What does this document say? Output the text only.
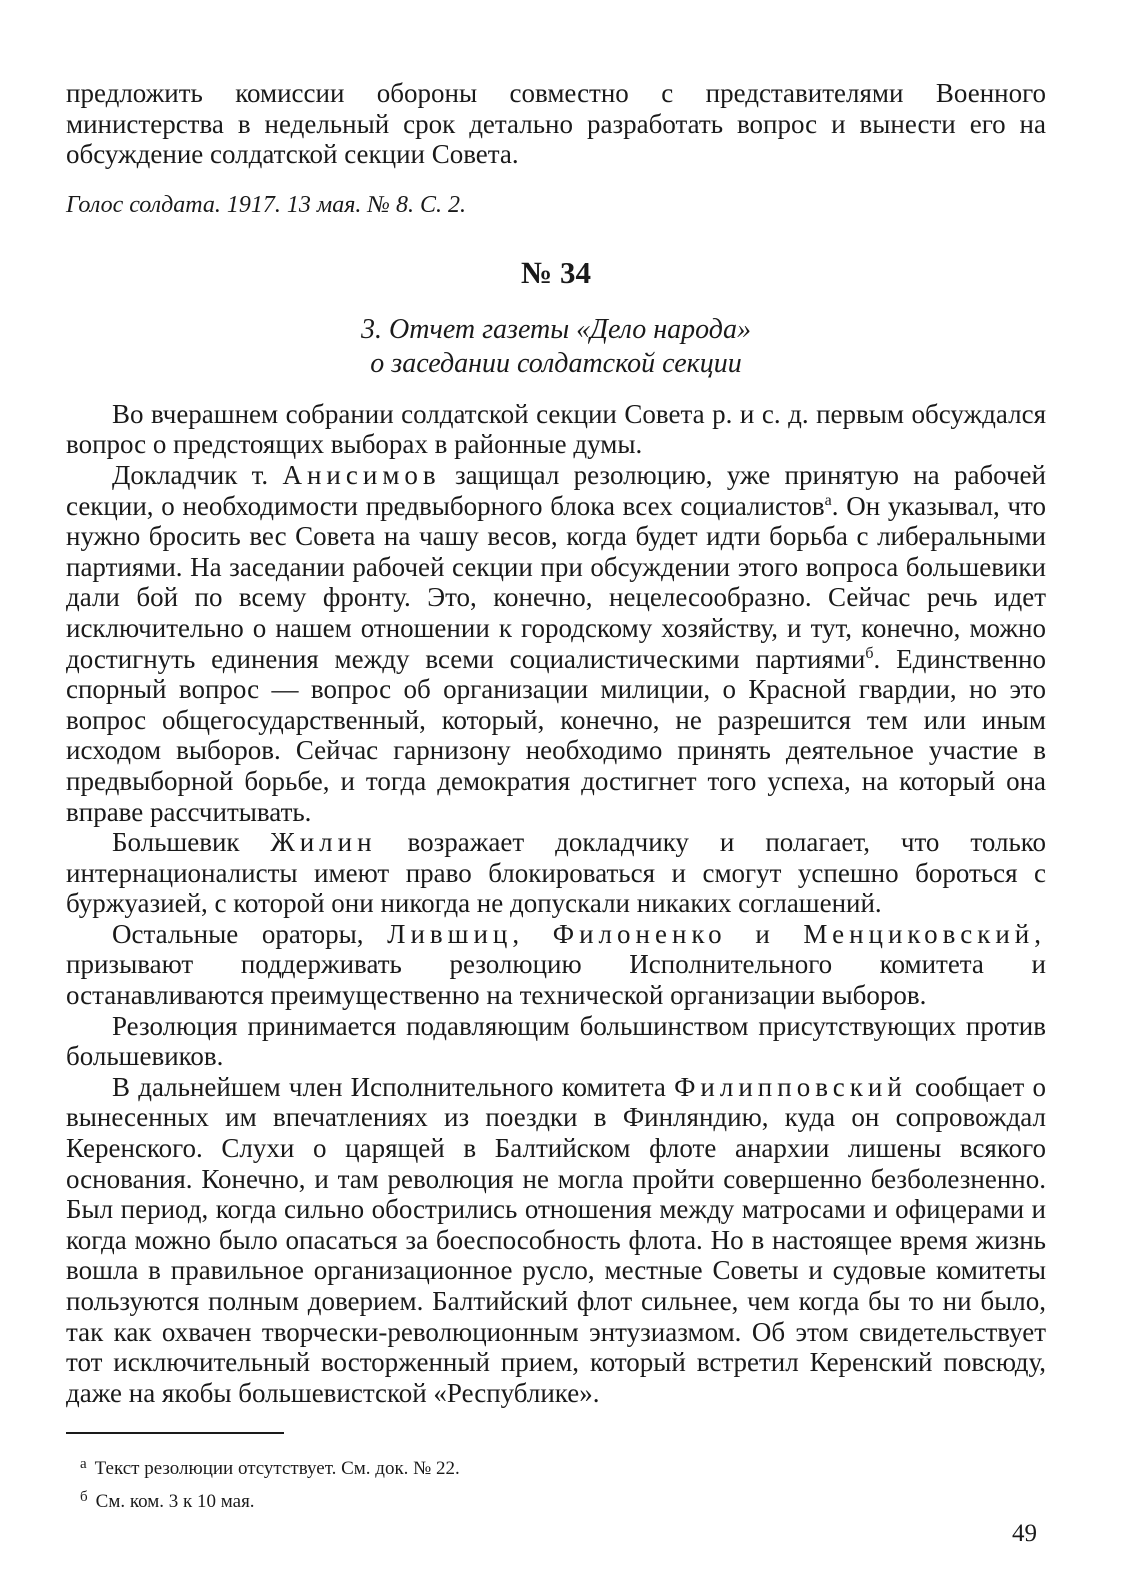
предложить комиссии обороны совместно с представителями Военного министерства в недельный срок детально разработать вопрос и вынести его на обсуждение солдатской секции Совета.

Голос солдата. 1917. 13 мая. № 8. С. 2.

№ 34
3. Отчет газеты «Дело народа»
о заседании солдатской секции

Во вчерашнем собрании солдатской секции Совета р. и с. д. первым обсуждался вопрос о предстоящих выборах в районные думы.

Докладчик т. Анисимов защищал резолюцию, уже принятую на рабочей секции, о необходимости предвыборного блока всех социалистов$^а$. Он указывал, что нужно бросить вес Совета на чашу весов, когда будет идти борьба с либеральными партиями. На заседании рабочей секции при обсуждении этого вопроса большевики дали бой по всему фронту. Это, конечно, нецелесообразно. Сейчас речь идет исключительно о нашем отношении к городскому хозяйству, и тут, конечно, можно достигнуть единения между всеми социалистическими партиями$^б$. Единственно спорный вопрос — вопрос об организации милиции, о Красной гвардии, но это вопрос общегосударственный, который, конечно, не разрешится тем или иным исходом выборов. Сейчас гарнизону необходимо принять деятельное участие в предвыборной борьбе, и тогда демократия достигнет того успеха, на который она вправе рассчитывать.

Большевик Жилин возражает докладчику и полагает, что только интернационалисты имеют право блокироваться и смогут успешно бороться с буржуазией, с которой они никогда не допускали никаких соглашений.

Остальные ораторы, Лившиц, Филоненко и Менциковский, призывают поддерживать резолюцию Исполнительного комитета и останавливаются преимущественно на технической организации выборов.

Резолюция принимается подавляющим большинством присутствующих против большевиков.

В дальнейшем член Исполнительного комитета Филипповский сообщает о вынесенных им впечатлениях из поездки в Финляндию, куда он сопровождал Керенского. Слухи о царящей в Балтийском флоте анархии лишены всякого основания. Конечно, и там революция не могла пройти совершенно безболезненно. Был период, когда сильно обострились отношения между матросами и офицерами и когда можно было опасаться за боеспособность флота. Но в настоящее время жизнь вошла в правильное организационное русло, местные Советы и судовые комитеты пользуются полным доверием. Балтийский флот сильнее, чем когда бы то ни было, так как охвачен творчески-революционным энтузиазмом. Об этом свидетельствует тот исключительный восторженный прием, который встретил Керенский повсюду, даже на якобы большевистской «Республике».

а Текст резолюции отсутствует. См. док. № 22.
б См. ком. 3 к 10 мая.
49
